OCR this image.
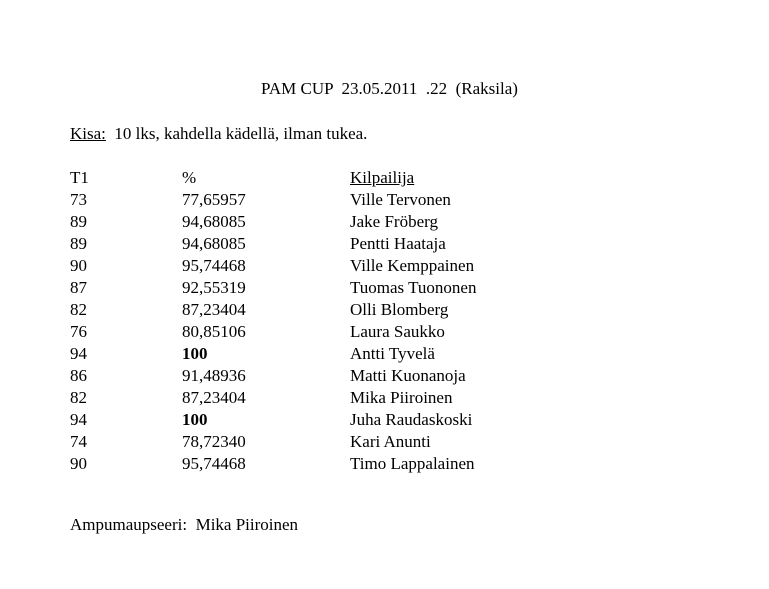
PAM CUP  23.05.2011  .22  (Raksila)
Kisa:  10 lks, kahdella kädellä, ilman tukea.
T1	%	Kilpailija
73	77,65957	Ville Tervonen
89	94,68085	Jake Fröberg
89	94,68085	Pentti Haataja
90	95,74468	Ville Kemppainen
87	92,55319	Tuomas Tuononen
82	87,23404	Olli Blomberg
76	80,85106	Laura Saukko
94	100	Antti Tyvelä
86	91,48936	Matti Kuonanoja
82	87,23404	Mika Piiroinen
94	100	Juha Raudaskoski
74	78,72340	Kari Anunti
90	95,74468	Timo Lappalainen
Ampumaupseeri:  Mika Piiroinen
